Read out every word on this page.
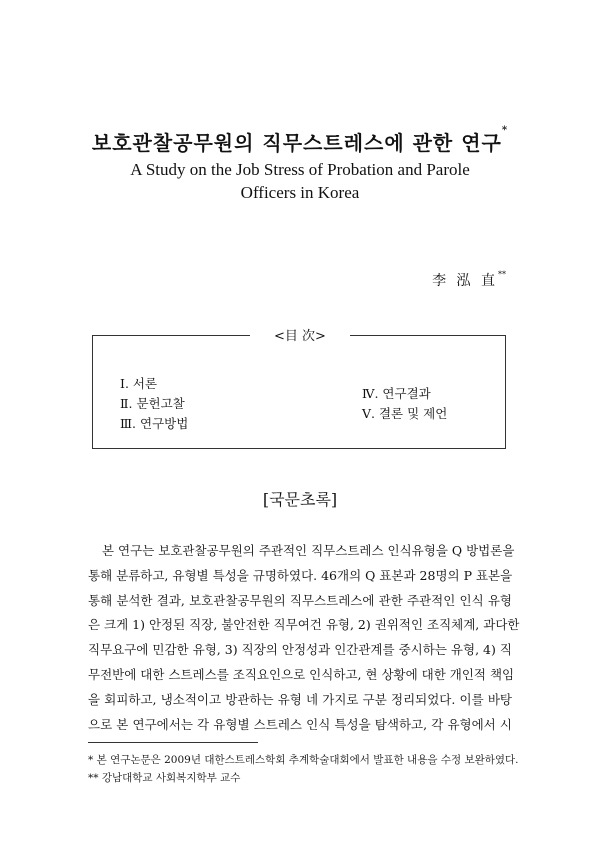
보호관찰공무원의 직무스트레스에 관한 연구*
A Study on the Job Stress of Probation and Parole
Officers in Korea
李 泓 直**
<目 次>
Ⅰ. 서론
Ⅱ. 문헌고찰
Ⅲ. 연구방법
Ⅳ. 연구결과
Ⅴ. 결론 및 제언
[국문초록]
본 연구는 보호관찰공무원의 주관적인 직무스트레스 인식유형을 Q 방법론을
통해 분류하고, 유형별 특성을 규명하였다. 46개의 Q 표본과 28명의 P 표본을
통해 분석한 결과, 보호관찰공무원의 직무스트레스에 관한 주관적인 인식 유형
은 크게 1) 안정된 직장, 불안전한 직무여건 유형, 2) 권위적인 조직체계, 과다한
직무요구에 민감한 유형, 3) 직장의 안정성과 인간관계를 중시하는 유형, 4) 직
무전반에 대한 스트레스를 조직요인으로 인식하고, 현 상황에 대한 개인적 책임
을 회피하고, 냉소적이고 방관하는 유형 네 가지로 구분 정리되었다. 이를 바탕
으로 본 연구에서는 각 유형별 스트레스 인식 특성을 탐색하고, 각 유형에서 시
* 본 연구논문은 2009년 대한스트레스학회 추계학술대회에서 발표한 내용을 수정 보완하였다.
** 강남대학교 사회복지학부 교수
